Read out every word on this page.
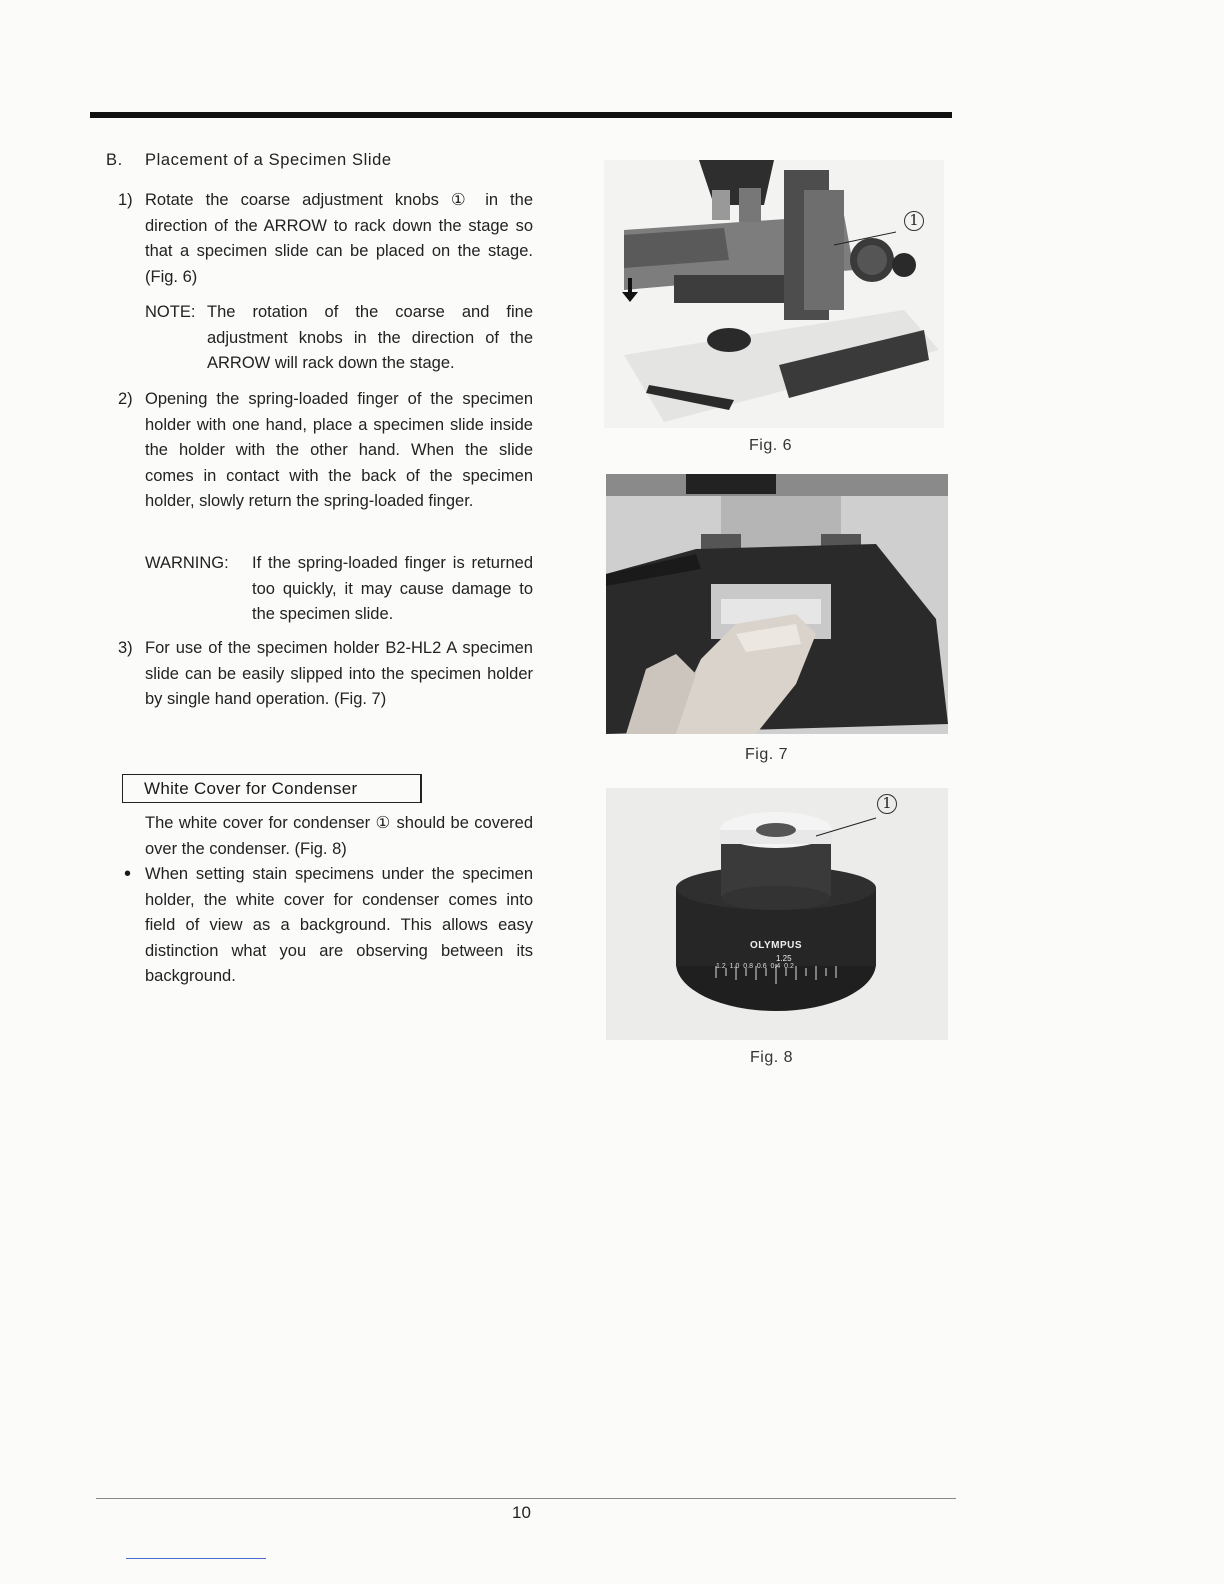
B. Placement of a Specimen Slide
1) Rotate the coarse adjustment knobs ① in the direction of the ARROW to rack down the stage so that a specimen slide can be placed on the stage. (Fig. 6)
NOTE: The rotation of the coarse and fine adjustment knobs in the direction of the ARROW will rack down the stage.
2) Opening the spring-loaded finger of the specimen holder with one hand, place a specimen slide inside the holder with the other hand. When the slide comes in contact with the back of the specimen holder, slowly return the spring-loaded finger.
WARNING:	If the spring-loaded finger is returned too quickly, it may cause damage to the specimen slide.
3) For use of the specimen holder B2-HL2 A specimen slide can be easily slipped into the specimen holder by single hand operation. (Fig. 7)
White Cover for Condenser
The white cover for condenser ① should be covered over the condenser. (Fig. 8)
• When setting stain specimens under the specimen holder, the white cover for condenser comes into field of view as a background. This allows easy distinction what you are observing between its background.
1
Fig. 6
Fig. 7
OLYMPUS
1.25
1.2  1.0  0.8  0.6  0.4  0.2
1
Fig. 8
10
